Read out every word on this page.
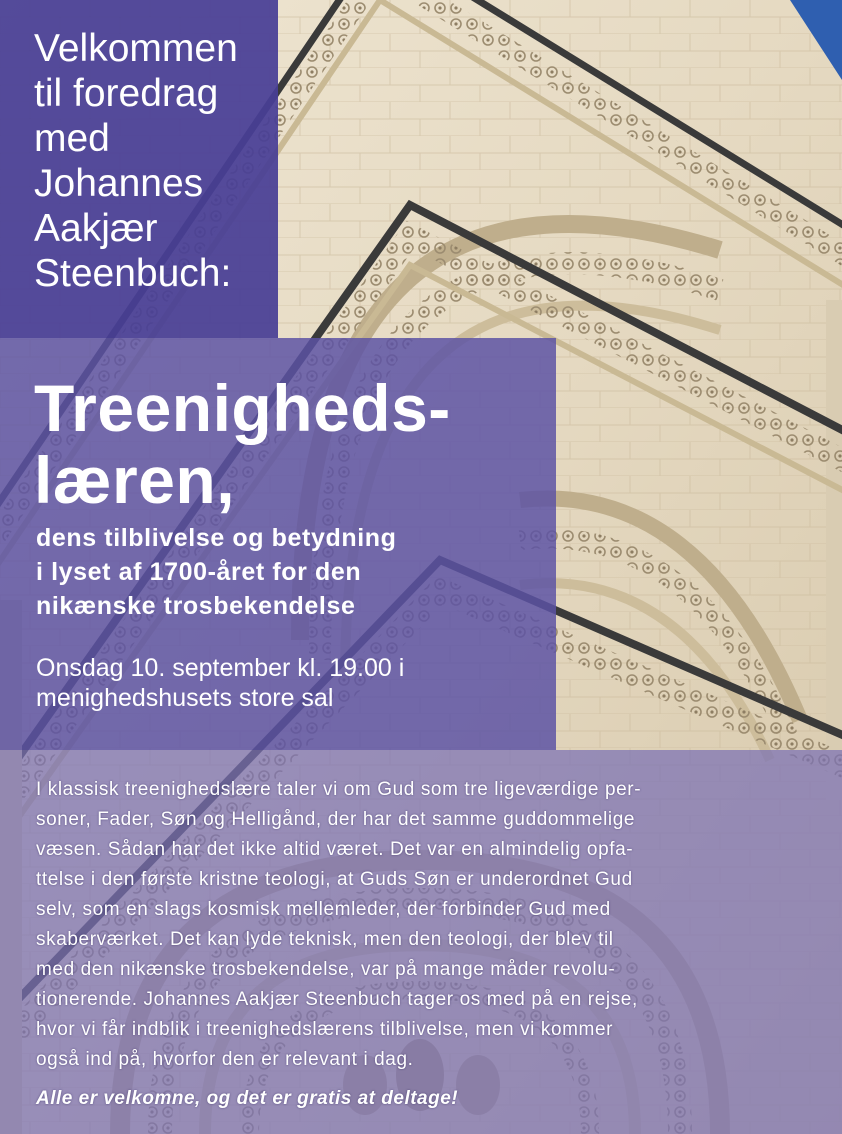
Velkommen
til foredrag
med
Johannes
Aakjær
Steenbuch:
Treenigheds-
læren,
dens tilblivelse og betydning
i lyset af 1700-året for den
nikænske trosbekendelse

Onsdag 10. september kl. 19.00 i
menighedshusets store sal

I klassisk treenighedslære taler vi om Gud som tre ligeværdige per-
soner, Fader, Søn og Helligånd, der har det samme guddommelige
væsen. Sådan har det ikke altid været. Det var en almindelig opfa-
ttelse i den første kristne teologi, at Guds Søn er underordnet Gud
selv, som en slags kosmisk mellemleder, der forbinder Gud med
skaberværket. Det kan lyde teknisk, men den teologi, der blev til
med den nikænske trosbekendelse, var på mange måder revolu-
tionerende. Johannes Aakjær Steenbuch tager os med på en rejse,
hvor vi får indblik i treenighedslærens tilblivelse, men vi kommer
også ind på, hvorfor den er relevant i dag.

Alle er velkomne, og det er gratis at deltage!
